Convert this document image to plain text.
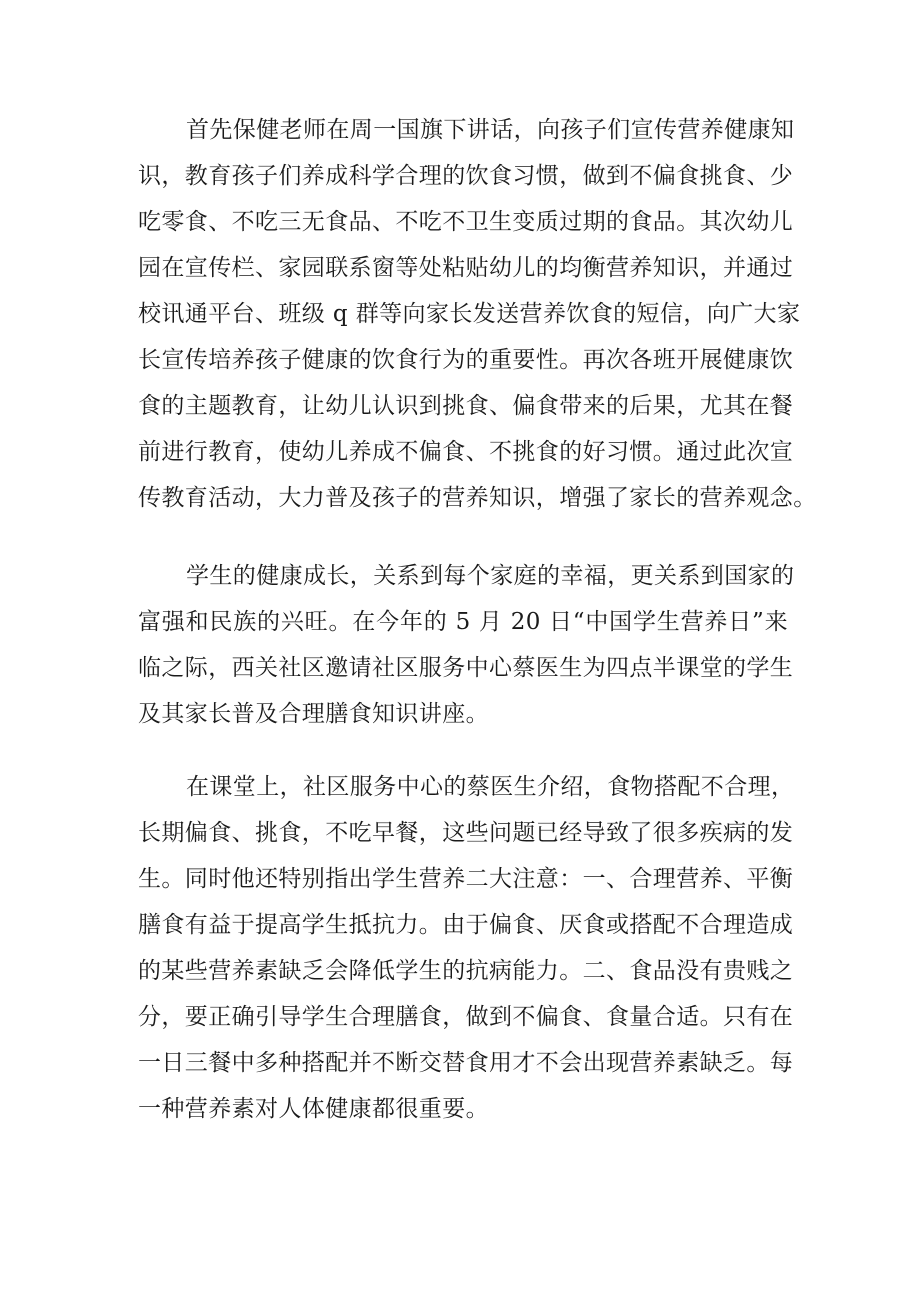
首先保健老师在周一国旗下讲话，向孩子们宣传营养健康知
识，教育孩子们养成科学合理的饮食习惯，做到不偏食挑食、少
吃零食、不吃三无食品、不吃不卫生变质过期的食品。其次幼儿
园在宣传栏、家园联系窗等处粘贴幼儿的均衡营养知识，并通过
校讯通平台、班级 q 群等向家长发送营养饮食的短信，向广大家
长宣传培养孩子健康的饮食行为的重要性。再次各班开展健康饮
食的主题教育，让幼儿认识到挑食、偏食带来的后果，尤其在餐
前进行教育，使幼儿养成不偏食、不挑食的好习惯。通过此次宣
传教育活动，大力普及孩子的营养知识，增强了家长的营养观念。
学生的健康成长，关系到每个家庭的幸福，更关系到国家的
富强和民族的兴旺。在今年的 5 月 20 日“中国学生营养日”来
临之际，西关社区邀请社区服务中心蔡医生为四点半课堂的学生
及其家长普及合理膳食知识讲座。
在课堂上，社区服务中心的蔡医生介绍，食物搭配不合理，
长期偏食、挑食，不吃早餐，这些问题已经导致了很多疾病的发
生。同时他还特别指出学生营养二大注意：一、合理营养、平衡
膳食有益于提高学生抵抗力。由于偏食、厌食或搭配不合理造成
的某些营养素缺乏会降低学生的抗病能力。二、食品没有贵贱之
分，要正确引导学生合理膳食，做到不偏食、食量合适。只有在
一日三餐中多种搭配并不断交替食用才不会出现营养素缺乏。每
一种营养素对人体健康都很重要。
